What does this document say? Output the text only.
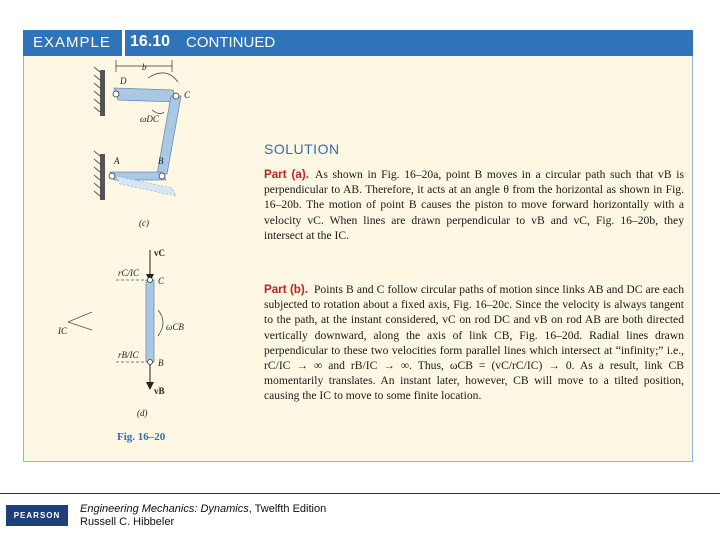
EXAMPLE 16.10 CONTINUED
b
D
C
ωDC
A	B
(c)
vC
rC/IC
C
IC	ωCB
rB/IC
B
vB
(d)
Fig. 16–20
SOLUTION
Part (a). As shown in Fig. 16–20a, point B moves in a circular path such that vB is perpendicular to AB. Therefore, it acts at an angle θ from the horizontal as shown in Fig. 16–20b. The motion of point B causes the piston to move forward horizontally with a velocity vC. When lines are drawn perpendicular to vB and vC, Fig. 16–20b, they intersect at the IC.
Part (b). Points B and C follow circular paths of motion since links AB and DC are each subjected to rotation about a fixed axis, Fig. 16–20c. Since the velocity is always tangent to the path, at the instant considered, vC on rod DC and vB on rod AB are both directed vertically downward, along the axis of link CB, Fig. 16–20d. Radial lines drawn perpendicular to these two velocities form parallel lines which intersect at “infinity;” i.e., rC/IC → ∞ and rB/IC → ∞. Thus, ωCB = (vC/rC/IC) → 0. As a result, link CB momentarily translates. An instant later, however, CB will move to a tilted position, causing the IC to move to some finite location.
PEARSON
Engineering Mechanics: Dynamics, Twelfth Edition
Russell C. Hibbeler
